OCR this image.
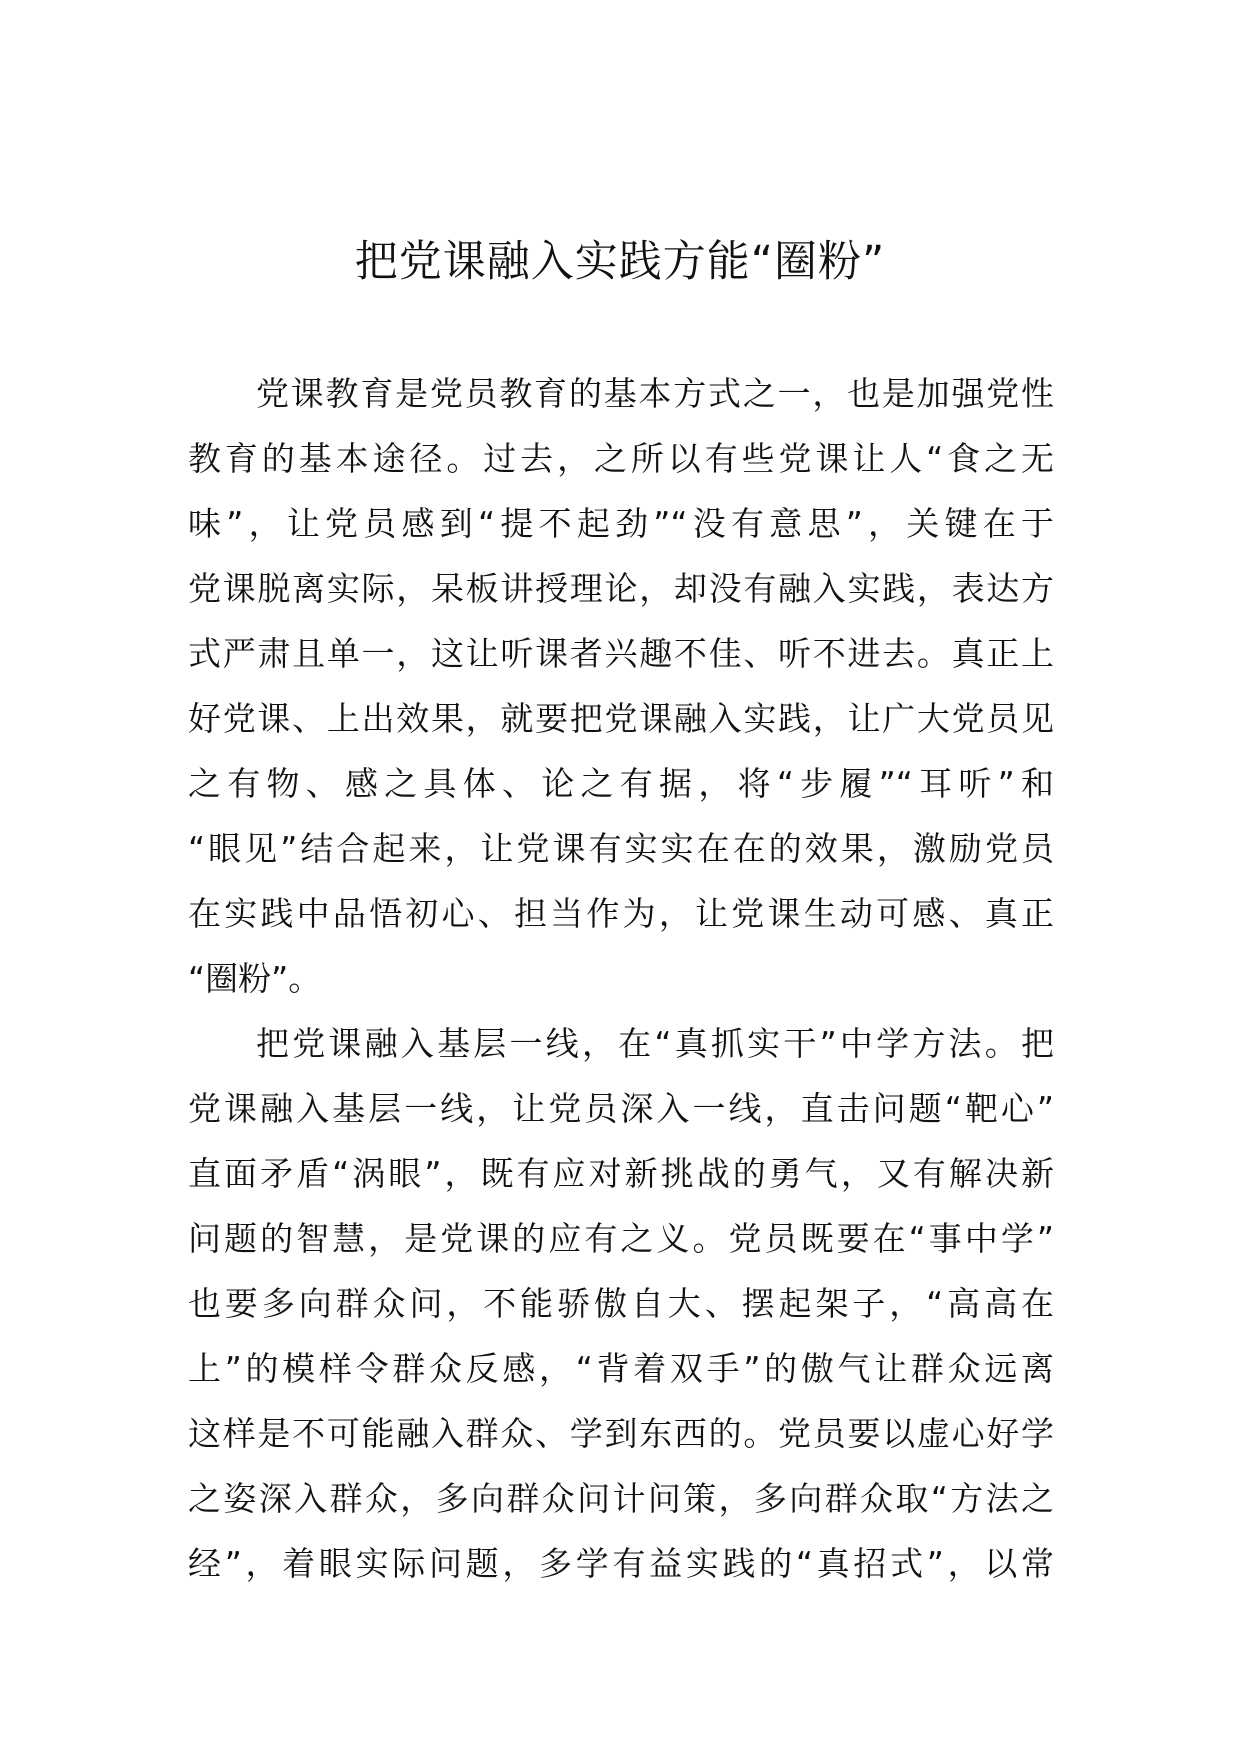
把党课融入实践方能“圈粉”
党课教育是党员教育的基本方式之一，也是加强党性
教育的基本途径。过去，之所以有些党课让人“食之无
味”，让党员感到“提不起劲”“没有意思”，关键在于
党课脱离实际，呆板讲授理论，却没有融入实践，表达方
式严肃且单一，这让听课者兴趣不佳、听不进去。真正上
好党课、上出效果，就要把党课融入实践，让广大党员见
之有物、感之具体、论之有据，将“步履”“耳听”和
“眼见”结合起来，让党课有实实在在的效果，激励党员
在实践中品悟初心、担当作为，让党课生动可感、真正
“圈粉”。
把党课融入基层一线，在“真抓实干”中学方法。把
党课融入基层一线，让党员深入一线，直击问题“靶心”
直面矛盾“涡眼”，既有应对新挑战的勇气，又有解决新
问题的智慧，是党课的应有之义。党员既要在“事中学”
也要多向群众问，不能骄傲自大、摆起架子，“高高在
上”的模样令群众反感，“背着双手”的傲气让群众远离
这样是不可能融入群众、学到东西的。党员要以虚心好学
之姿深入群众，多向群众问计问策，多向群众取“方法之
经”，着眼实际问题，多学有益实践的“真招式”，以常
